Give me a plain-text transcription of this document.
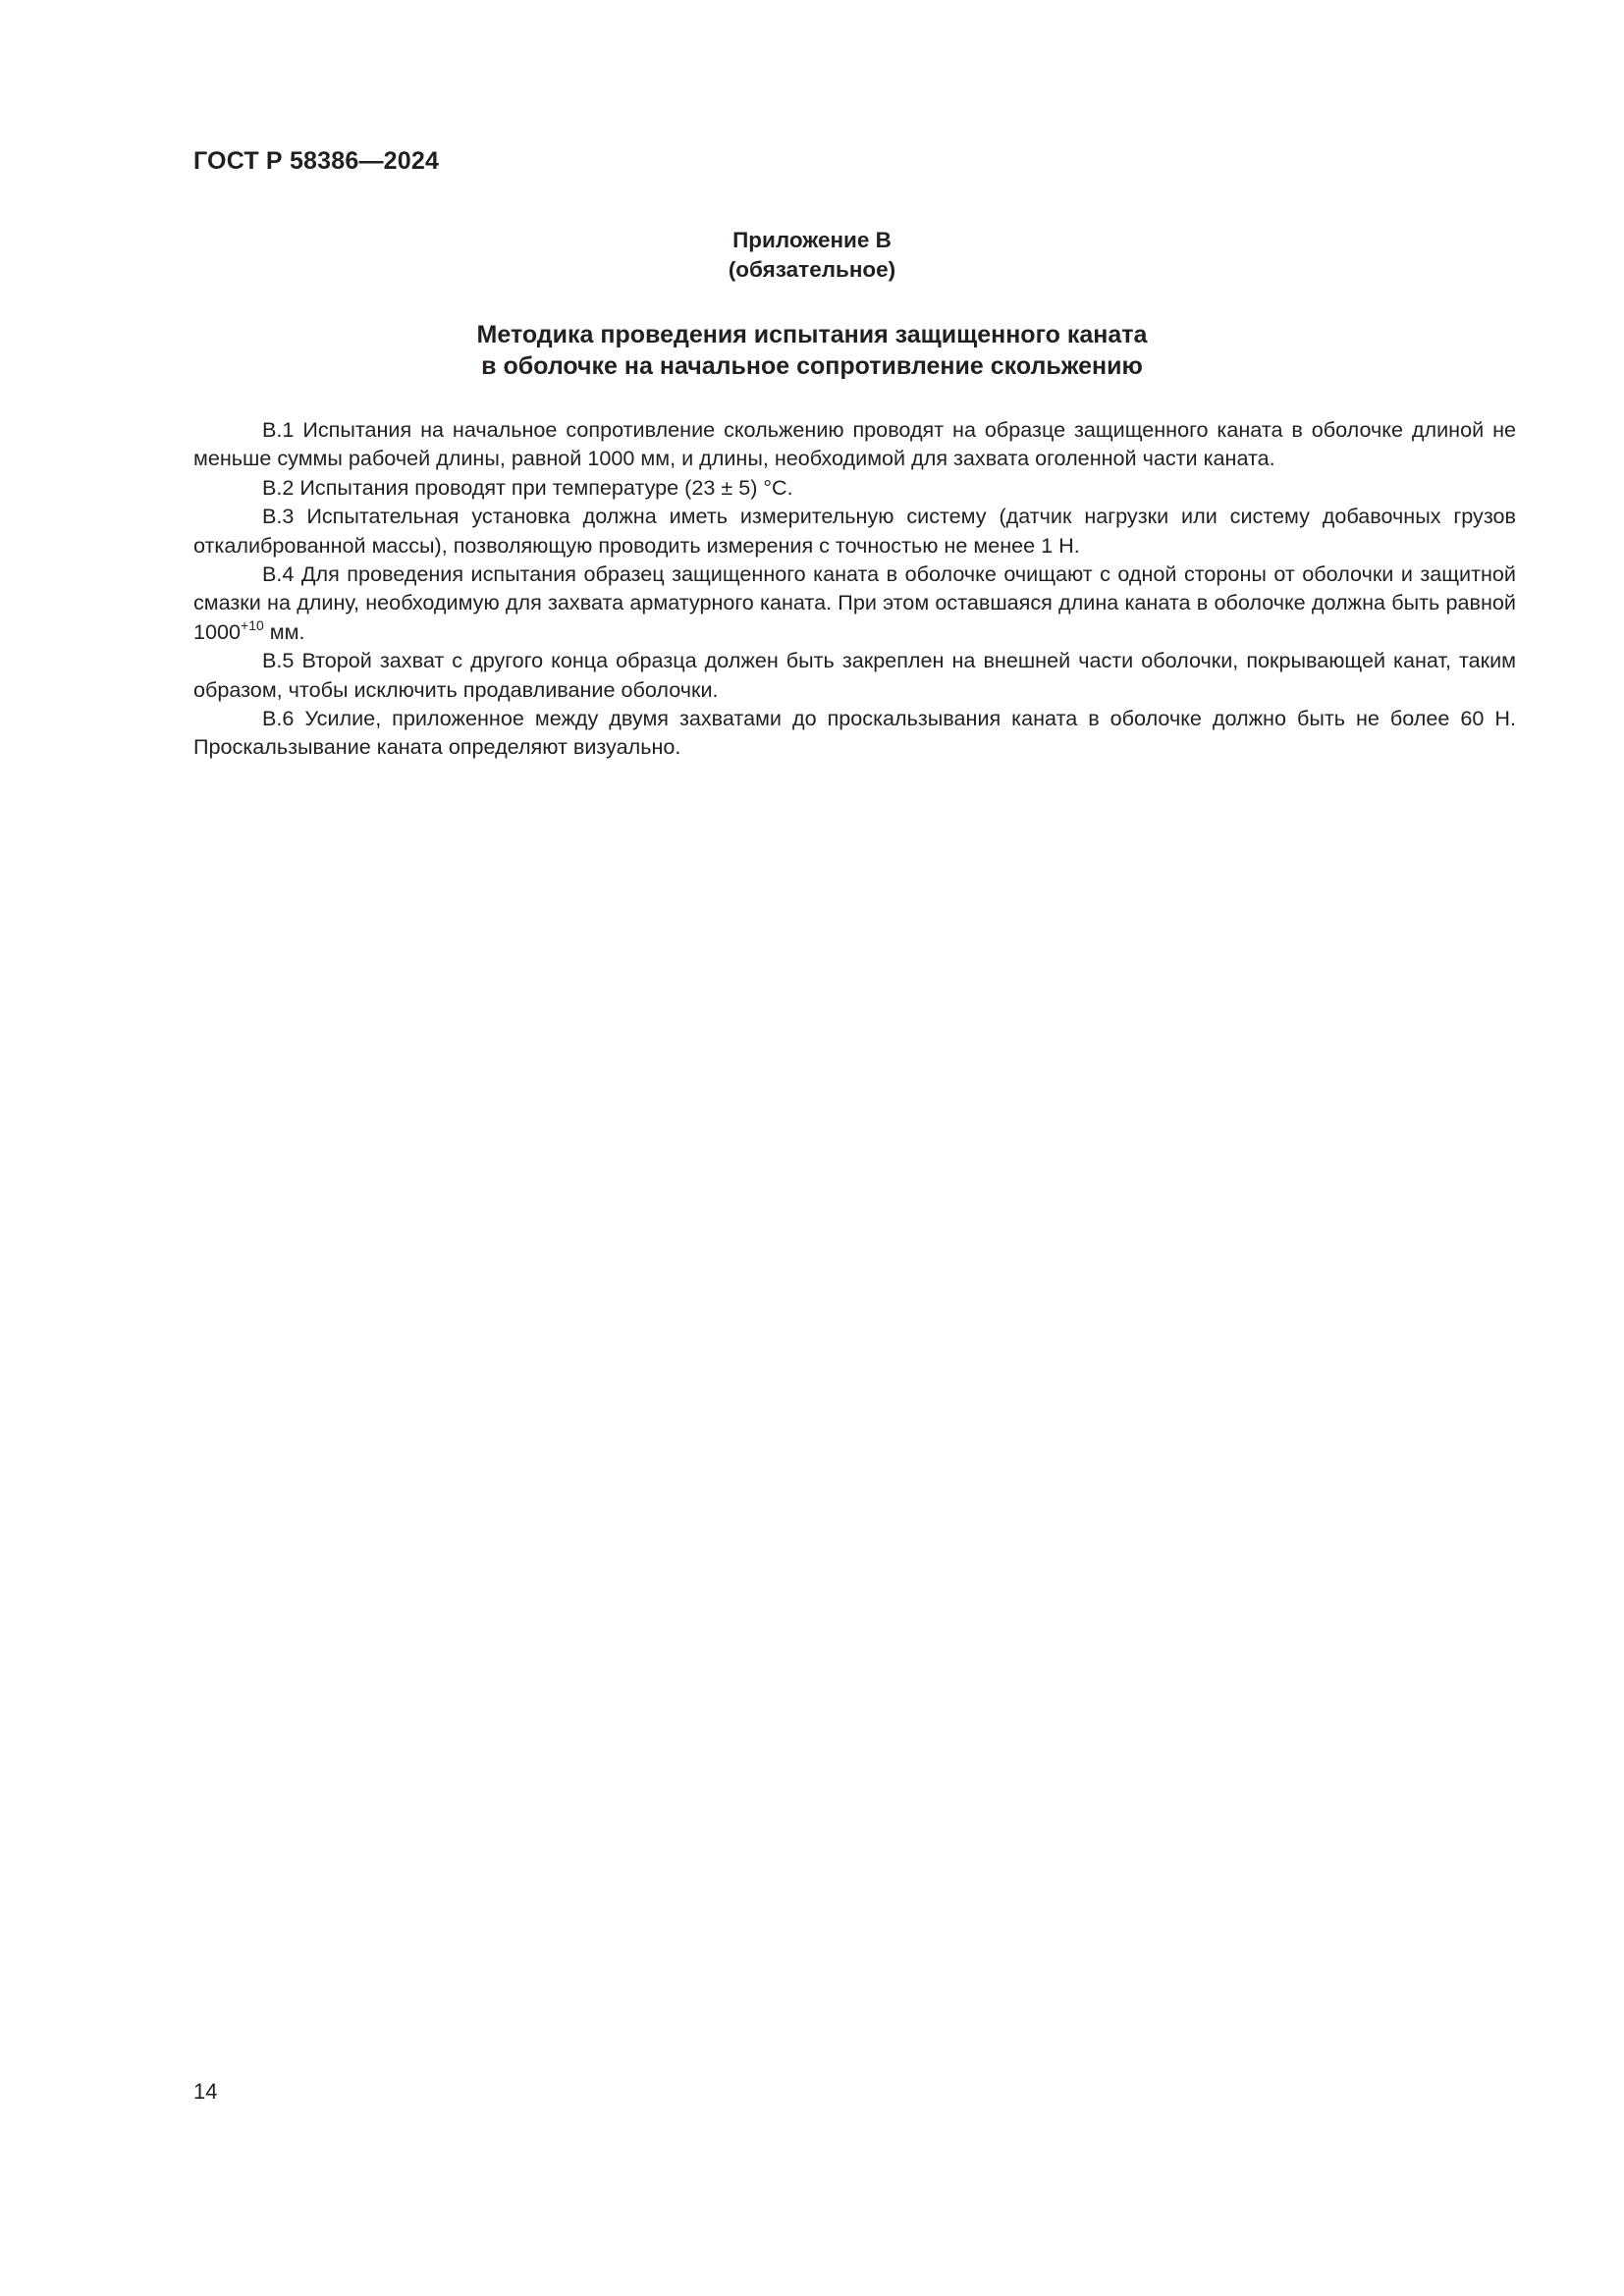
ГОСТ Р 58386—2024
Приложение В
(обязательное)
Методика проведения испытания защищенного каната
в оболочке на начальное сопротивление скольжению

В.1 Испытания на начальное сопротивление скольжению проводят на образце защищенного каната в оболочке длиной не меньше суммы рабочей длины, равной 1000 мм, и длины, необходимой для захвата оголенной части каната.

В.2 Испытания проводят при температуре (23 ± 5) °С.

В.3 Испытательная установка должна иметь измерительную систему (датчик нагрузки или систему добавочных грузов откалиброванной массы), позволяющую проводить измерения с точностью не менее 1 Н.

В.4 Для проведения испытания образец защищенного каната в оболочке очищают с одной стороны от оболочки и защитной смазки на длину, необходимую для захвата арматурного каната. При этом оставшаяся длина каната в оболочке должна быть равной $1000^{+10}$ мм.

В.5 Второй захват с другого конца образца должен быть закреплен на внешней части оболочки, покрывающей канат, таким образом, чтобы исключить продавливание оболочки.

В.6 Усилие, приложенное между двумя захватами до проскальзывания каната в оболочке должно быть не более 60 Н. Проскальзывание каната определяют визуально.

14
